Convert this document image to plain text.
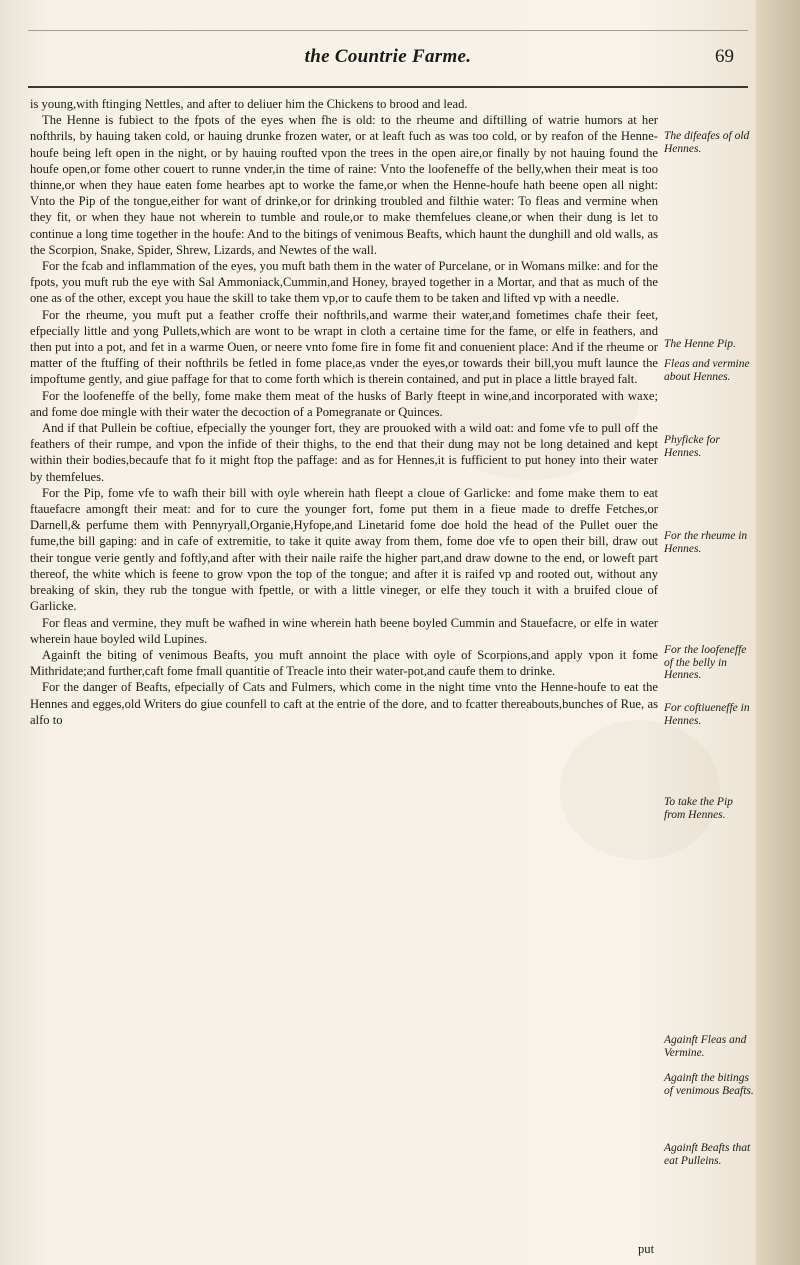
the Countrie Farme.	69

is young,with ftinging Nettles, and after to deliuer him the Chickens to brood and lead.

The Henne is fubiect to the fpots of the eyes when fhe is old: to the rheume and diftilling of watrie humors at her nofthrils, by hauing taken cold, or hauing drunke frozen water, or at leaft fuch as was too cold, or by reafon of the Henne-houfe being left open in the night, or by hauing roufted vpon the trees in the open aire,or finally by not hauing found the houfe open,or fome other couert to runne vnder,in the time of raine: Vnto the loofeneffe of the belly,when their meat is too thinne,or when they haue eaten fome hearbes apt to worke the fame,or when the Henne-houfe hath beene open all night: Vnto the Pip of the tongue,either for want of drinke,or for drinking troubled and filthie water: To fleas and vermine when they fit, or when they haue not wherein to tumble and roule,or to make themfelues cleane,or when their dung is let to continue a long time together in the houfe: And to the bitings of venimous Beafts, which haunt the dunghill and old walls, as the Scorpion, Snake, Spider, Shrew, Lizards, and Newtes of the wall.

For the fcab and inflammation of the eyes, you muft bath them in the water of Purcelane, or in Womans milke: and for the fpots, you muft rub the eye with Sal Ammoniack,Cummin,and Honey, brayed together in a Mortar, and that as much of the one as of the other, except you haue the skill to take them vp,or to caufe them to be taken and lifted vp with a needle.

For the rheume, you muft put a feather croffe their nofthrils,and warme their water,and fometimes chafe their feet, efpecially little and yong Pullets,which are wont to be wrapt in cloth a certaine time for the fame, or elfe in feathers, and then put into a pot, and fet in a warme Ouen, or neere vnto fome fire in fome fit and conuenient place: And if the rheume or matter of the ftuffing of their nofthrils be fetled in fome place,as vnder the eyes,or towards their bill,you muft launce the impoftume gently, and giue paffage for that to come forth which is therein contained, and put in place a little brayed falt.

For the loofeneffe of the belly, fome make them meat of the husks of Barly fteept in wine,and incorporated with waxe; and fome doe mingle with their water the decoction of a Pomegranate or Quinces.

And if that Pullein be coftiue, efpecially the younger fort, they are prouoked with a wild oat: and fome vfe to pull off the feathers of their rumpe, and vpon the infide of their thighs, to the end that their dung may not be long detained and kept within their bodies,becaufe that fo it might ftop the paffage: and as for Hennes,it is fufficient to put honey into their water by themfelues.

For the Pip, fome vfe to wafh their bill with oyle wherein hath fleept a cloue of Garlicke: and fome make them to eat ftauefacre amongft their meat: and for to cure the younger fort, fome put them in a fieue made to dreffe Fetches,or Darnell,& perfume them with Pennyryall,Organie,Hyfope,and Linetarid fome doe hold the head of the Pullet ouer the fume,the bill gaping: and in cafe of extremitie, to take it quite away from them, fome doe vfe to open their bill, draw out their tongue verie gently and foftly,and after with their naile raife the higher part,and draw downe to the end, or loweft part thereof, the white which is feene to grow vpon the top of the tongue; and after it is raifed vp and rooted out, without any breaking of skin, they rub the tongue with fpettle, or with a little vineger, or elfe they touch it with a bruifed cloue of Garlicke.

For fleas and vermine, they muft be wafhed in wine wherein hath beene boyled Cummin and Stauefacre, or elfe in water wherein haue boyled wild Lupines.

Againft the biting of venimous Beafts, you muft annoint the place with oyle of Scorpions,and apply vpon it fome Mithridate;and further,caft fome fmall quantitie of Treacle into their water-pot,and caufe them to drinke.

For the danger of Beafts, efpecially of Cats and Fulmers, which come in the night time vnto the Henne-houfe to eat the Hennes and egges,old Writers do giue counfell to caft at the entrie of the dore, and to fcatter thereabouts,bunches of Rue, as alfo to

The difeafes of old Hennes.
The Henne Pip.
Fleas and vermine about Hennes.
Phyficke for Hennes.
For the rheume in Hennes.
For the loofeneffe of the belly in Hennes.
For coftiueneffe in Hennes.
To take the Pip from Hennes.
Againft Fleas and Vermine.
Againft the bitings of venimous Beafts.
Againft Beafts that eat Pulleins.
put
